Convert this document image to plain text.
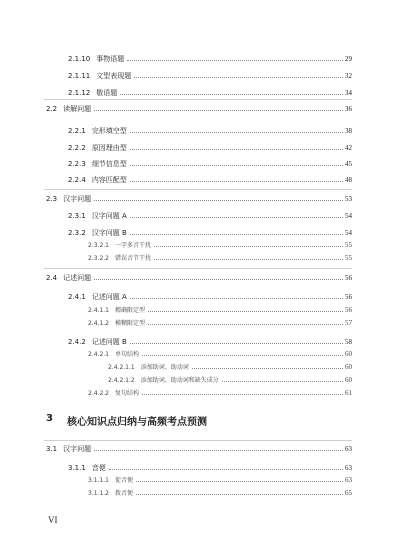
2.1.10 事物语题	29
2.1.11 文型表现题	32
2.1.12 敬语题	34
2.2 读解问题	36
2.2.1 完形填空型	38
2.2.2 原因理由型	42
2.2.3 细节信息型	45
2.2.4 内容匹配型	48
2.3 汉字问题	53
2.3.1 汉字问题 A	54
2.3.2 汉字问题 B	54
2.3.2.1 一字多音干扰	55
2.3.2.2 错误音节干扰	55
2.4 记述问题	56
2.4.1 记述问题 A	56
2.4.1.1 精确限定型	56
2.4.1.2 模糊限定型	57
2.4.2 记述问题 B	58
2.4.2.1 单句结构	60
2.4.2.1.1 添加助词、助动词	60
2.4.2.1.2 添加助词、助动词和缺失成分	60
2.4.2.2 复句结构	61
3 核心知识点归纳与高频考点预测
3.1 汉字问题	63
3.1.1 音便	63
3.1.1.1 促音便	63
3.1.1.2 拨音便	65
VI
